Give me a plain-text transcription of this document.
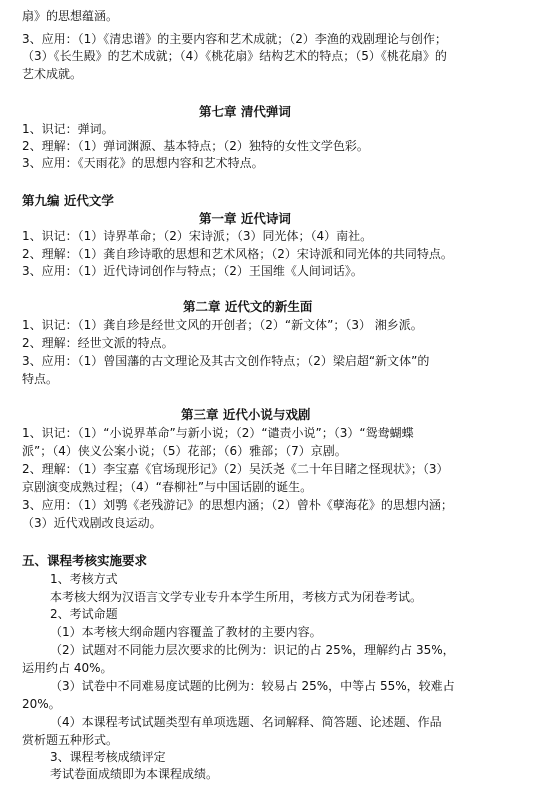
扇》的思想蕴涵。
3、应用：（1）《清忠谱》的主要内容和艺术成就；（2）李渔的戏剧理论与创作；
（3）《长生殿》的艺术成就；（4）《桃花扇》结构艺术的特点；（5）《桃花扇》的
艺术成就。
第七章 清代弹词
1、识记：弹词。
2、理解：（1）弹词渊源、基本特点；（2）独特的女性文学色彩。
3、应用：《天雨花》的思想内容和艺术特点。
第九编 近代文学
第一章 近代诗词
1、识记：（1）诗界革命；（2）宋诗派；（3）同光体；（4）南社。
2、理解：（1）龚自珍诗歌的思想和艺术风格；（2）宋诗派和同光体的共同特点。
3、应用：（1）近代诗词创作与特点；（2）王国维《人间词话》。
第二章 近代文的新生面
1、识记：（1）龚自珍是经世文风的开创者；（2）“新文体”；（3） 湘乡派。
2、理解：经世文派的特点。
3、应用：（1）曾国藩的古文理论及其古文创作特点；（2）梁启超“新文体”的
特点。
第三章 近代小说与戏剧
1、识记：（1）“小说界革命”与新小说；（2）“谴责小说”；（3）“鸳鸯蝴蝶
派”；（4）侠义公案小说；（5）花部；（6）雅部；（7）京剧。
2、理解：（1）李宝嘉《官场现形记》（2）吴沃尧《二十年目睹之怪现状》；（3）
京剧演变成熟过程；（4）“春柳社”与中国话剧的诞生。
3、应用：（1）刘鹗《老残游记》的思想内涵；（2）曾朴《孽海花》的思想内涵；
（3）近代戏剧改良运动。
五、课程考核实施要求
1、考核方式
本考核大纲为汉语言文学专业专升本学生所用，考核方式为闭卷考试。
2、考试命题
（1）本考核大纲命题内容覆盖了教材的主要内容。
（2）试题对不同能力层次要求的比例为：识记的占 25%，理解约占 35%，
运用约占 40%。
（3）试卷中不同难易度试题的比例为：较易占 25%，中等占 55%，较难占
20%。
（4）本课程考试试题类型有单项选题、名词解释、简答题、论述题、作品
赏析题五种形式。
3、课程考核成绩评定
考试卷面成绩即为本课程成绩。
